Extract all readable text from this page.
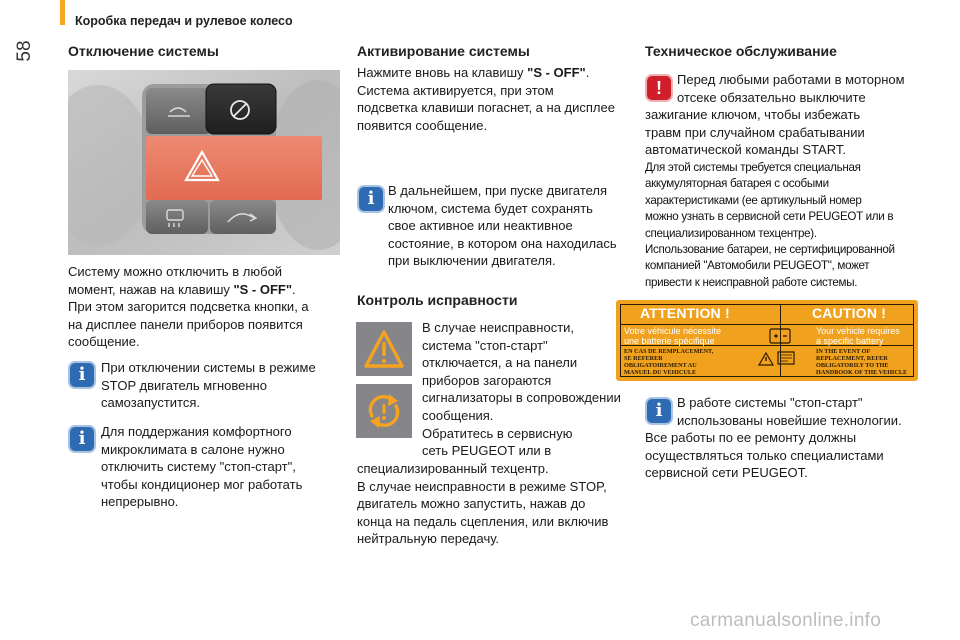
58
Коробка передач и рулевое колесо
Отключение системы
Систему можно отключить в любой
момент, нажав на клавишу "S - OFF".
При этом загорится подсветка кнопки, а
на дисплее панели приборов появится
сообщение.
i При отключении системы в режиме
STOP двигатель мгновенно
самозапустится.
i Для поддержания комфортного
микроклимата в салоне нужно
отключить систему "стоп-старт",
чтобы кондиционер мог работать
непрерывно.
Активирование системы
Нажмите вновь на клавишу "S - OFF".
Система активируется, при этом
подсветка клавиши погаснет, а на дисплее
появится сообщение.
i В дальнейшем, при пуске двигателя
ключом, система будет сохранять
свое активное или неактивное
состояние, в котором она находилась
при выключении двигателя.
Контроль исправности
В случае неисправности,
система "стоп-старт"
отключается, а на панели
приборов загораются
сигнализаторы в сопровождении
сообщения.
Обратитесь в сервисную
сеть PEUGEOT или в
специализированный техцентр.
В случае неисправности в режиме STOP,
двигатель можно запустить, нажав до
конца на педаль сцепления, или включив
нейтральную передачу.
Техническое обслуживание
! Перед любыми работами в моторном
отсеке обязательно выключите
зажигание ключом, чтобы избежать
травм при случайном срабатывании
автоматической команды START.
Для этой системы требуется специальная
аккумуляторная батарея с особыми
характеристиками (ее артикульный номер
можно узнать в сервисной сети PEUGEOT или в
специализированном техцентре).
Использование батареи, не сертифицированной
компанией "Автомобили PEUGEOT", может
привести к неисправной работе системы.
ATTENTION !	CAUTION !
Votre véhicule nécessite
une batterie spécifique
Your vehicle requires
a specific battery
EN CAS DE REMPLACEMENT,
SE REFERER
OBLIGATOIREMENT AU
MANUEL DU VEHICULE
IN THE EVENT OF
REPLACEMENT, REFER
OBLIGATORILY TO THE
HANDBOOK OF THE VEHICLE
i В работе системы "стоп-старт"
использованы новейшие технологии.
Все работы по ее ремонту должны
осуществляться только специалистами
сервисной сети PEUGEOT.
carmanualsonline.info
